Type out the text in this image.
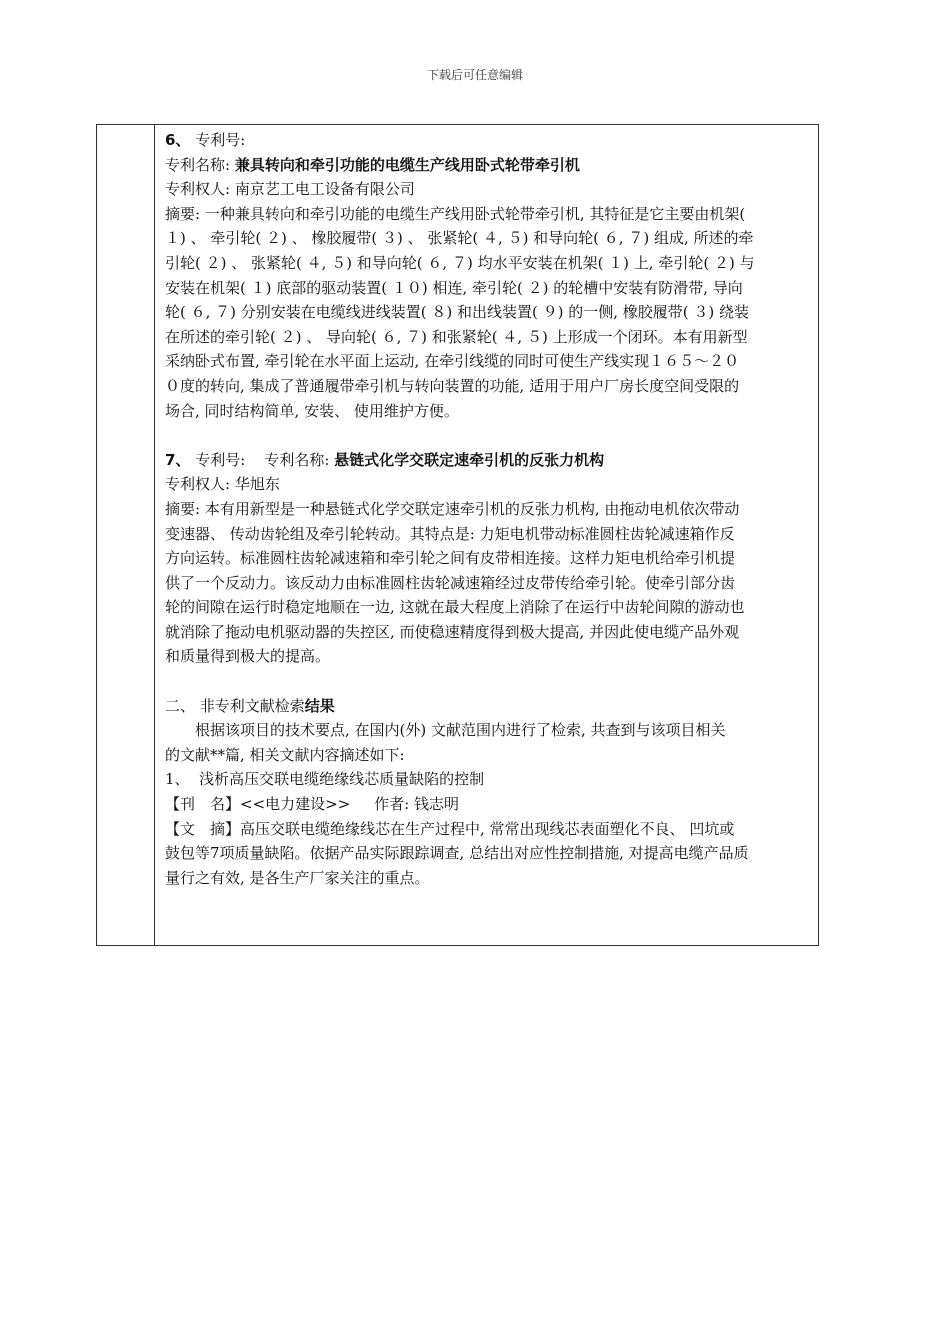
下载后可任意编辑

6、 专利号:

专利名称: 兼具转向和牵引功能的电缆生产线用卧式轮带牵引机

专利权人: 南京艺工电工设备有限公司

摘要: 一种兼具转向和牵引功能的电缆生产线用卧式轮带牵引机, 其特征是它主要由机架(

１) 、 牵引轮( ２) 、 橡胶履带( ３) 、 张紧轮( ４, ５) 和导向轮( ６, ７) 组成, 所述的牵

引轮( ２) 、 张紧轮( ４, ５) 和导向轮( ６, ７) 均水平安装在机架( １) 上, 牵引轮( ２) 与

安装在机架( １) 底部的驱动装置( １０) 相连, 牵引轮( ２) 的轮槽中安装有防滑带, 导向

轮( ６, ７) 分别安装在电缆线进线装置( ８) 和出线装置( ９) 的一侧, 橡胶履带( ３) 绕装

在所述的牵引轮( ２) 、 导向轮( ６, ７) 和张紧轮( ４, ５) 上形成一个闭环。本有用新型

采纳卧式布置, 牵引轮在水平面上运动, 在牵引线缆的同时可使生产线实现１６５～２０

０度的转向, 集成了普通履带牵引机与转向装置的功能, 适用于用户厂房长度空间受限的

场合, 同时结构简单, 安装、 使用维护方便。

7、 专利号:    专利名称: 悬链式化学交联定速牵引机的反张力机构

专利权人: 华旭东

摘要: 本有用新型是一种悬链式化学交联定速牵引机的反张力机构, 由拖动电机依次带动

变速器、 传动齿轮组及牵引轮转动。其特点是: 力矩电机带动标准圆柱齿轮减速箱作反

方向运转。标准圆柱齿轮减速箱和牵引轮之间有皮带相连接。这样力矩电机给牵引机提

供了一个反动力。该反动力由标准圆柱齿轮减速箱经过皮带传给牵引轮。使牵引部分齿

轮的间隙在运行时稳定地顺在一边, 这就在最大程度上消除了在运行中齿轮间隙的游动也

就消除了拖动电机驱动器的失控区, 而使稳速精度得到极大提高, 并因此使电缆产品外观

和质量得到极大的提高。

二、 非专利文献检索结果

根据该项目的技术要点, 在国内(外) 文献范围内进行了检索, 共查到与该项目相关

的文献**篇, 相关文献内容摘述如下:

1、  浅析高压交联电缆绝缘线芯质量缺陷的控制

【刊　名】<<电力建设>>     作者: 钱志明

【文　摘】高压交联电缆绝缘线芯在生产过程中, 常常出现线芯表面塑化不良、 凹坑或

鼓包等7项质量缺陷。依据产品实际跟踪调查, 总结出对应性控制措施, 对提高电缆产品质

量行之有效, 是各生产厂家关注的重点。
